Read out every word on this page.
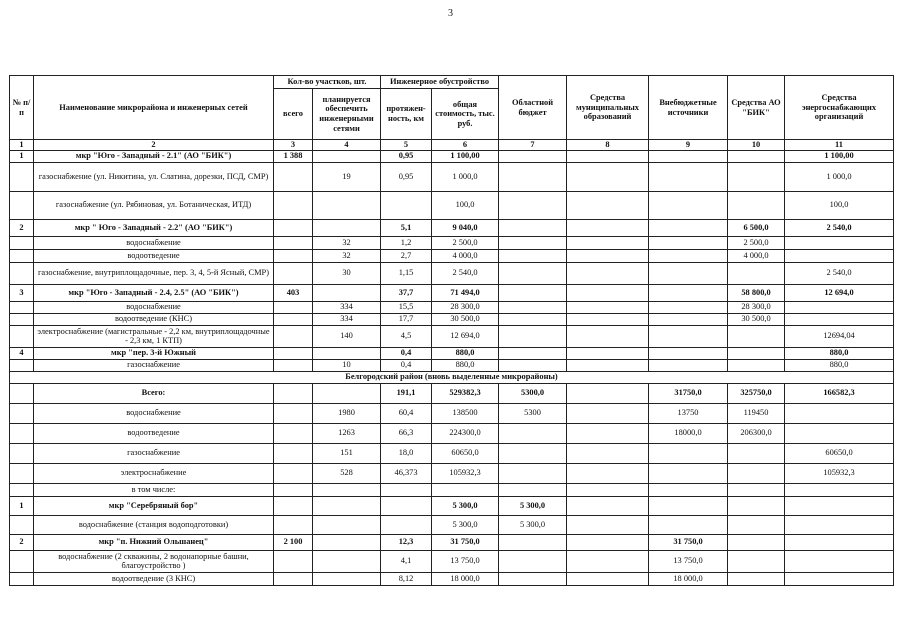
3
№ п/п	Наименование микрорайона и инженерных сетей	Кол-во участков, шт.		Инженерное обустройство		Областной бюджет	Средства муниципальных образований	Внебюджетные источники	Средства АО "БИК"	Средства энергоснабжающих организаций
		всего	планируется обеспечить инженерными сетями	протяжен-ность, км	общая стоимость, тыс. руб.					
1	2	3	4	5	6	7	8	9	10	11
1	мкр "Юго - Западный - 2.1" (АО "БИК")	1 388		0,95	1 100,00					1 100,00
	газоснабжение (ул. Никитина, ул. Слатина, дорезки, ПСД, СМР)		19	0,95	1 000,0					1 000,0
	газоснабжение (ул. Рябиновая, ул. Ботаническая, ИТД)				100,0					100,0
2	мкр " Юго - Западный - 2.2" (АО "БИК")			5,1	9 040,0				6 500,0	2 540,0
	водоснабжение		32	1,2	2 500,0				2 500,0	
	водоотведение		32	2,7	4 000,0				4 000,0	
	газоснабжение, внутриплощадочные, пер. 3, 4, 5-й Ясный, СМР)		30	1,15	2 540,0					2 540,0
3	мкр "Юго - Западный - 2.4, 2.5" (АО "БИК")	403		37,7	71 494,0				58 800,0	12 694,0
	водоснабжение		334	15,5	28 300,0				28 300,0	
	водоотведение (КНС)		334	17,7	30 500,0				30 500,0	
	электроснабжение (магистральные - 2,2 км, внутриплощадочные - 2,3 км, 1 КТП)		140	4,5	12 694,0					12694,04
4	мкр "пер. 3-й Южный			0,4	880,0					880,0
	газоснабжение		10	0,4	880,0					880,0
Белгородский район (вновь выделенные микрорайоны)										
	Всего:			191,1	529382,3	5300,0		31750,0	325750,0	166582,3
	водоснабжение		1980	60,4	138500	5300		13750	119450	
	водоотведение		1263	66,3	224300,0			18000,0	206300,0	
	газоснабжение		151	18,0	60650,0					60650,0
	электроснабжение		528	46,373	105932,3					105932,3
	в том числе:									
1	мкр "Серебряный бор"				5 300,0	5 300,0				
	водоснабжение (станция водоподготовки)				5 300,0	5 300,0				
2	мкр "п. Нижний Ольшанец"	2 100		12,3	31 750,0			31 750,0		
	водоснабжение (2 скважины, 2 водонапорные башни, благоустройство )			4,1	13 750,0			13 750,0		
	водоотведение (3 КНС)			8,12	18 000,0			18 000,0		
